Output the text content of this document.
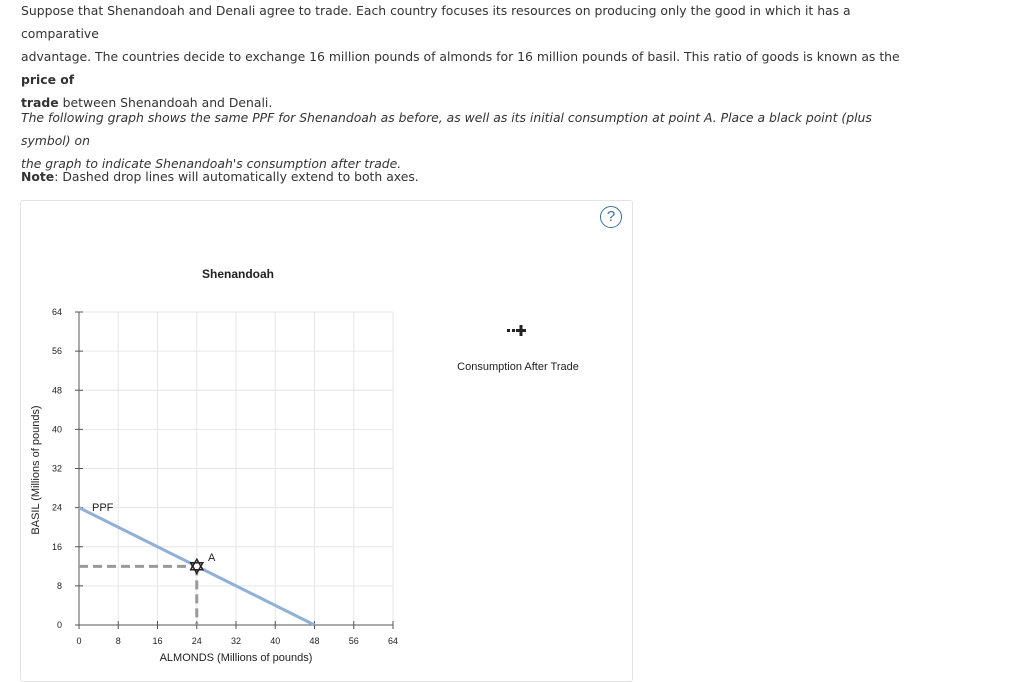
Suppose that Shenandoah and Denali agree to trade. Each country focuses its resources on producing only the good in which it has a comparative
advantage. The countries decide to exchange 16 million pounds of almonds for 16 million pounds of basil. This ratio of goods is known as the price of
trade between Shenandoah and Denali.

The following graph shows the same PPF for Shenandoah as before, as well as its initial consumption at point A. Place a black point (plus symbol) on
the graph to indicate Shenandoah's consumption after trade.

Note: Dashed drop lines will automatically extend to both axes.

?
Shenandoah
ALMONDS (Millions of pounds)
BASIL (Millions of pounds)
0	8	16	24	32	40	48	56	64
0
8
16
24
32
40
48
56
64
PPF
A
Consumption After Trade
